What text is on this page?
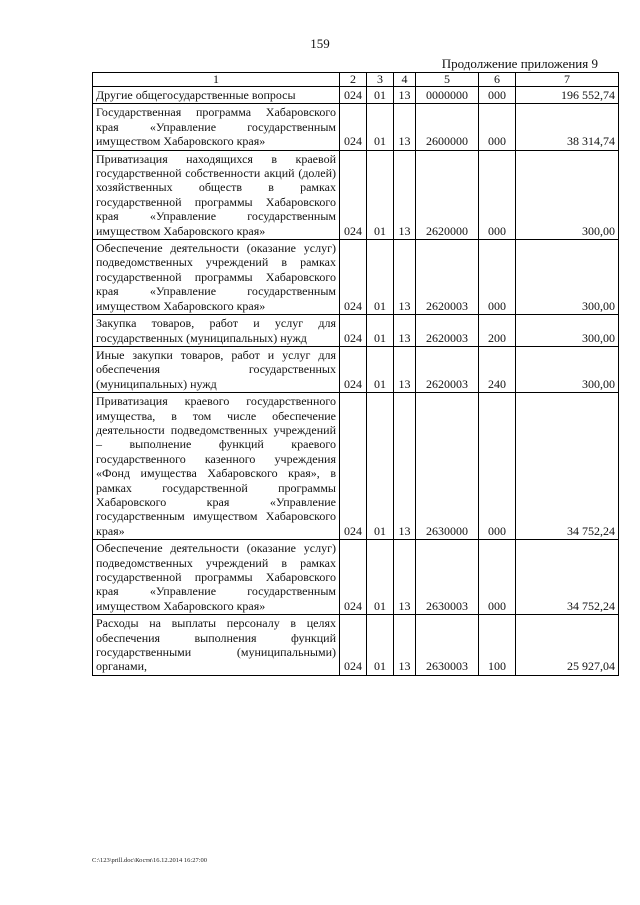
159
Продолжение приложения 9
1	2	3	4	5	6	7
Другие общегосударственные вопросы	024	01	13	0000000	000	196 552,74
Государственная программа Хабаровского края «Управление государственным имуществом Хабаровского края»	024	01	13	2600000	000	38 314,74
Приватизация находящихся в краевой государственной собственности акций (долей) хозяйственных обществ в рамках государственной программы Хабаровского края «Управление государственным имуществом Хабаровского края»	024	01	13	2620000	000	300,00
Обеспечение деятельности (оказание услуг) подведомственных учреждений в рамках государственной программы Хабаровского края «Управление государственным имуществом Хабаровского края»	024	01	13	2620003	000	300,00
Закупка товаров, работ и услуг для государственных (муниципальных) нужд	024	01	13	2620003	200	300,00
Иные закупки товаров, работ и услуг для обеспечения государственных (муниципальных) нужд	024	01	13	2620003	240	300,00
Приватизация краевого государственного имущества, в том числе обеспечение деятельности подведомственных учреждений – выполнение функций краевого государственного казенного учреждения «Фонд имущества Хабаровского края», в рамках государственной программы Хабаровского края «Управление государственным имуществом Хабаровского края»	024	01	13	2630000	000	34 752,24
Обеспечение деятельности (оказание услуг) подведомственных учреждений в рамках государственной программы Хабаровского края «Управление государственным имуществом Хабаровского края»	024	01	13	2630003	000	34 752,24
Расходы на выплаты персоналу в целях обеспечения выполнения функций государственными (муниципальными) органами,	024	01	13	2630003	100	25 927,04
C:\123\prill.doc\Костя\16.12.2014 16:27:00
